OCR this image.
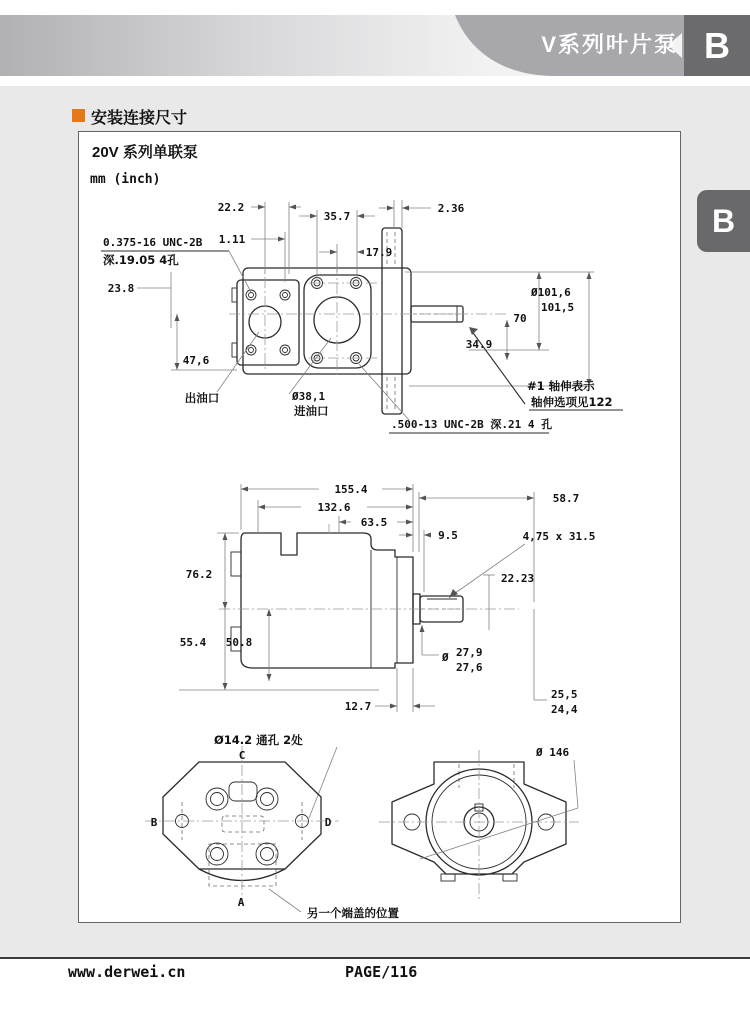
V系列叶片泵 B
B
安装连接尺寸
20V 系列单联泵
mm (inch)
22.2
1.11
35.7
2.36
17.9
0.375-16 UNC-2B
深.19.05 4孔
23.8
47,6
70
Ø101,6
101,5
34.9
出油口	Ø38,1
进油口
#1 轴伸表示
轴伸选项见122
.500-13 UNC-2B 深.21 4 孔
155.4
132.6
63.5
58.7
9.5	4,75 x 31.5
22.23
76.2
55.4 50.8
Ø 27,9
27,6
12.7
25,5
24,4
Ø14.2 通孔 2处
C
B	D
A
另一个端盖的位置
Ø 146
www.derwei.cn	PAGE/116
